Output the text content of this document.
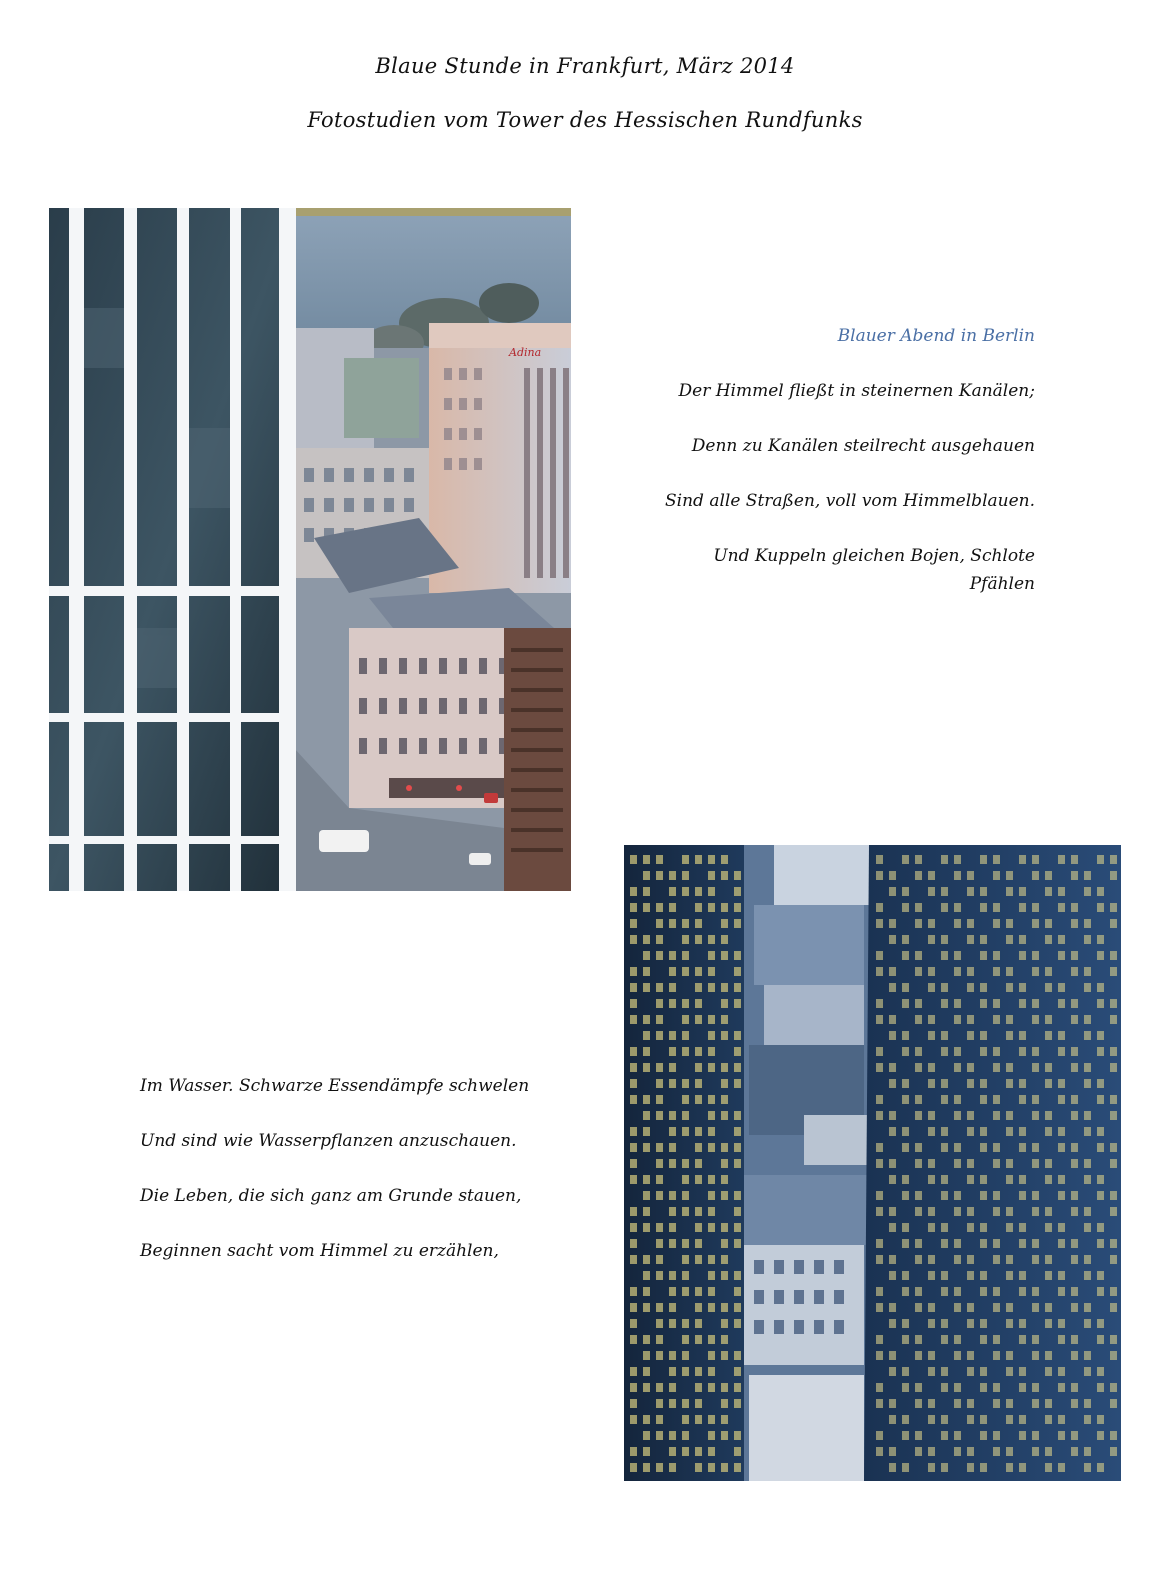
Blaue Stunde in Frankfurt, März 2014
Fotostudien vom Tower des Hessischen Rundfunks
Adina
Blauer Abend in Berlin
Der Himmel fließt in steinernen Kanälen;
Denn zu Kanälen steilrecht ausgehauen
Sind alle Straßen, voll vom Himmelblauen.
Und Kuppeln gleichen Bojen, Schlote Pfählen
Im Wasser. Schwarze Essendämpfe schwelen
Und sind wie Wasserpflanzen anzuschauen.
Die Leben, die sich ganz am Grunde stauen,
Beginnen sacht vom Himmel zu erzählen,
